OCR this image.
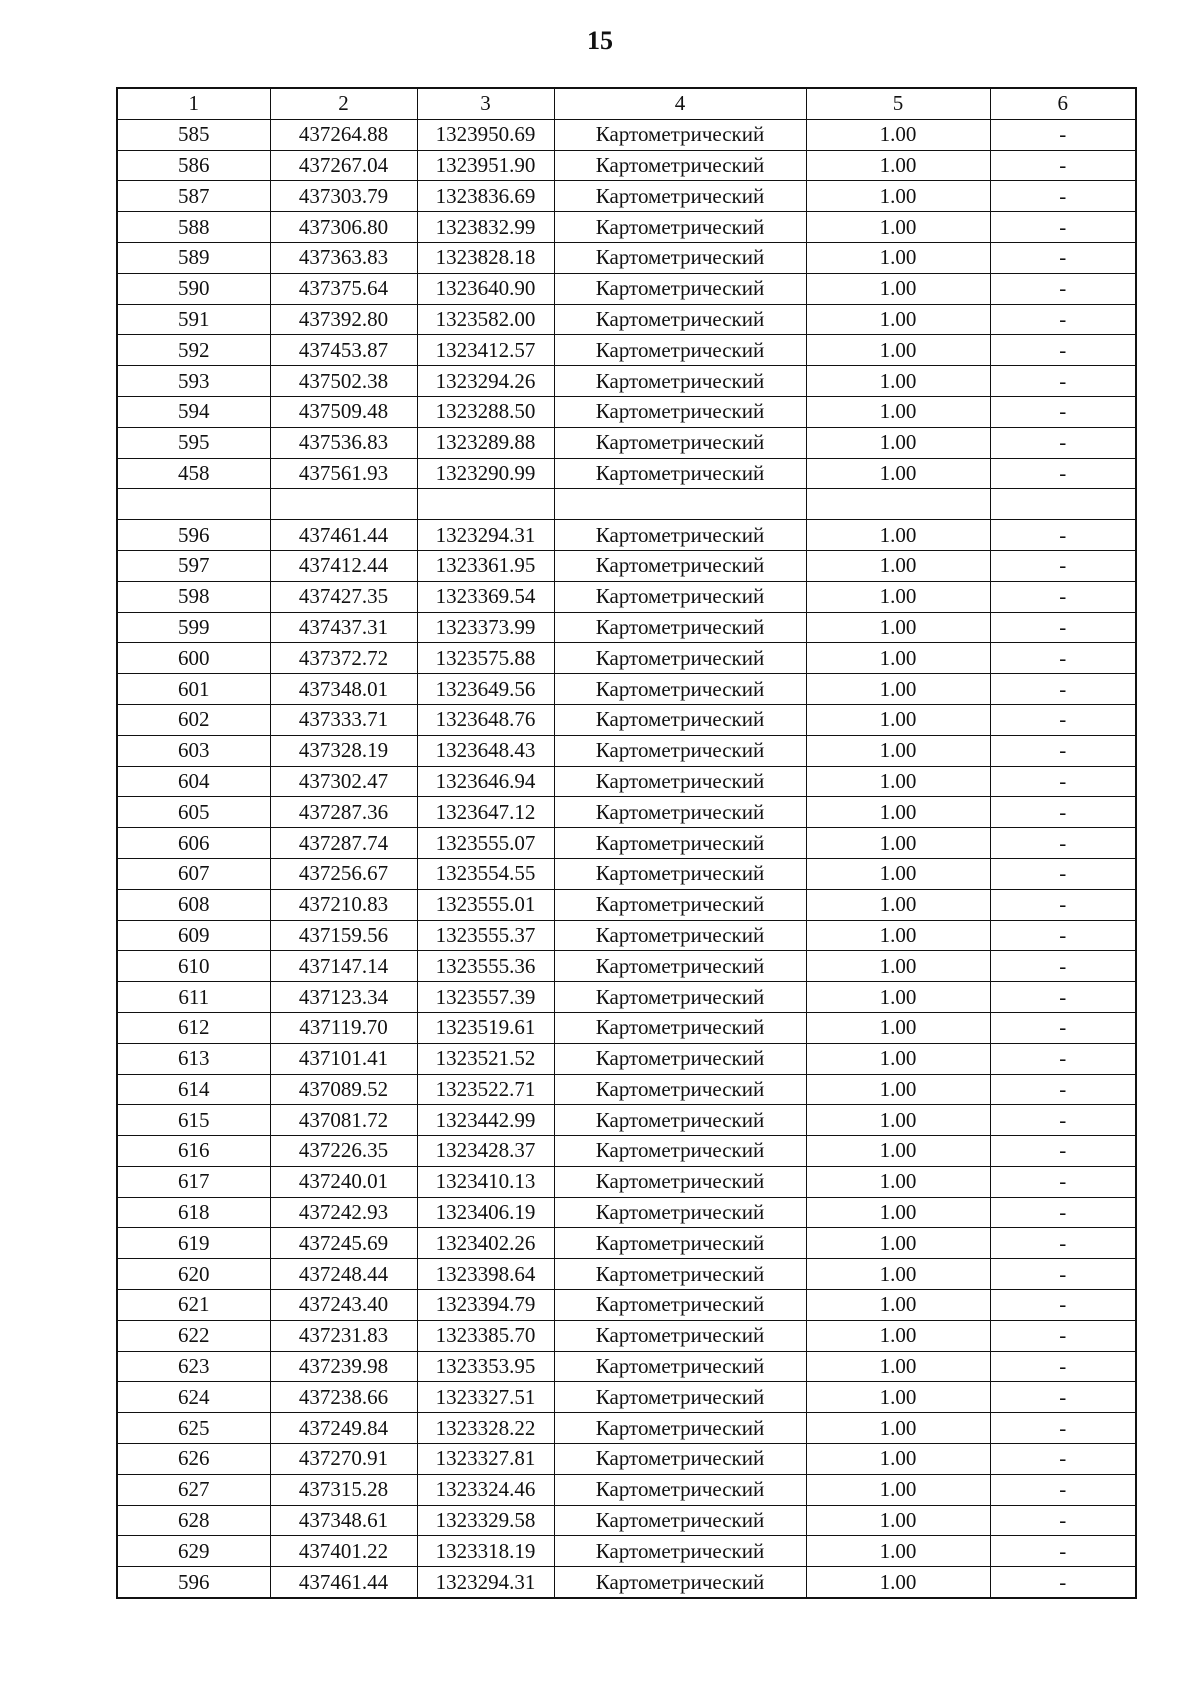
15
1	2	3	4	5	6
585	437264.88	1323950.69	Картометрический	1.00	-
586	437267.04	1323951.90	Картометрический	1.00	-
587	437303.79	1323836.69	Картометрический	1.00	-
588	437306.80	1323832.99	Картометрический	1.00	-
589	437363.83	1323828.18	Картометрический	1.00	-
590	437375.64	1323640.90	Картометрический	1.00	-
591	437392.80	1323582.00	Картометрический	1.00	-
592	437453.87	1323412.57	Картометрический	1.00	-
593	437502.38	1323294.26	Картометрический	1.00	-
594	437509.48	1323288.50	Картометрический	1.00	-
595	437536.83	1323289.88	Картометрический	1.00	-
458	437561.93	1323290.99	Картометрический	1.00	-

596	437461.44	1323294.31	Картометрический	1.00	-
597	437412.44	1323361.95	Картометрический	1.00	-
598	437427.35	1323369.54	Картометрический	1.00	-
599	437437.31	1323373.99	Картометрический	1.00	-
600	437372.72	1323575.88	Картометрический	1.00	-
601	437348.01	1323649.56	Картометрический	1.00	-
602	437333.71	1323648.76	Картометрический	1.00	-
603	437328.19	1323648.43	Картометрический	1.00	-
604	437302.47	1323646.94	Картометрический	1.00	-
605	437287.36	1323647.12	Картометрический	1.00	-
606	437287.74	1323555.07	Картометрический	1.00	-
607	437256.67	1323554.55	Картометрический	1.00	-
608	437210.83	1323555.01	Картометрический	1.00	-
609	437159.56	1323555.37	Картометрический	1.00	-
610	437147.14	1323555.36	Картометрический	1.00	-
611	437123.34	1323557.39	Картометрический	1.00	-
612	437119.70	1323519.61	Картометрический	1.00	-
613	437101.41	1323521.52	Картометрический	1.00	-
614	437089.52	1323522.71	Картометрический	1.00	-
615	437081.72	1323442.99	Картометрический	1.00	-
616	437226.35	1323428.37	Картометрический	1.00	-
617	437240.01	1323410.13	Картометрический	1.00	-
618	437242.93	1323406.19	Картометрический	1.00	-
619	437245.69	1323402.26	Картометрический	1.00	-
620	437248.44	1323398.64	Картометрический	1.00	-
621	437243.40	1323394.79	Картометрический	1.00	-
622	437231.83	1323385.70	Картометрический	1.00	-
623	437239.98	1323353.95	Картометрический	1.00	-
624	437238.66	1323327.51	Картометрический	1.00	-
625	437249.84	1323328.22	Картометрический	1.00	-
626	437270.91	1323327.81	Картометрический	1.00	-
627	437315.28	1323324.46	Картометрический	1.00	-
628	437348.61	1323329.58	Картометрический	1.00	-
629	437401.22	1323318.19	Картометрический	1.00	-
596	437461.44	1323294.31	Картометрический	1.00	-
